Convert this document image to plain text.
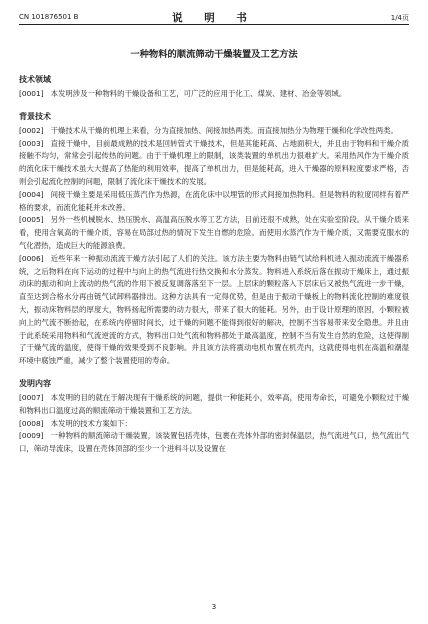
CN 101876501 B	说 明 书	1/4页
一种物料的顺流筛动干燥装置及工艺方法
技术领域

[0001] 本发明涉及一种物料的干燥设备和工艺，可广泛的应用于化工、煤炭、建材、冶金等领域。

背景技术

[0002] 干燥技术从干燥的机理上来看，分为直接加热、间接加热两类。而直接加热分为物理干燥和化学改性两类。

[0003] 直接干燥中，目前最成熟的技术是回转管式干燥技术，但是其能耗高、占地面积大，并且由于物料和干燥介质接触不均匀，常常会引起传热的问题。由于干燥机理上的限制，该类装置的单机出力很难扩大。采用热风作为干燥介质的流化床干燥技术虽大大提高了热能的利用效率，提高了单机出力，但是能耗高，进入干燥器的原料粒度要求严格，否则会引起流化控制的问题，限制了流化床干燥技术的发展。

[0004] 间接干燥主要是采用低压蒸汽作为热源，在流化床中以埋管的形式间接加热物料。但是物料的粒度同样有着严格的要求，而流化能耗并未改善。

[0005] 另外一些机械脱水、热压脱水、高温高压脱水等工艺方法，目前还很不成熟，处在实验室阶段。从干燥介质来看，使用含氧高的干燥介质，容易在局部过热的情况下发生自燃的危险。而使用水蒸汽作为干燥介质，又需要克服水的气化潜热，造成巨大的能源浪费。

[0006] 近些年来一种振动流流干燥方法引起了人们的关注。该方法主要为物料由链气试给料机进入振动流流干燥器系统，之后物料在向下运动的过程中与向上的热气流进行热交换和水分蒸发。物料进入系统后落在振动干燥床上，通过振动床的振动和向上流动的热气流的作用下被反复调落落至下一层。上层床的颗粒落入下层床后又被热气流进一步干燥，直至达到合格水分再由链气试卸料器排出。这种方法具有一定得优势，但是由于振动干燥板上的物料流化控制的难度很大，振动床物料层的厚度大，物料扬起所需要的动力很大，带来了很大的能耗。另外，由于设计原理的原因，小颗粒被向上的气流不断抬起，在系统内停留时间长，过干燥的问题不能得到很好的解决，控制不当容易带来安全隐患。并且由于此系统采用物料和气流逆流的方式，物料出口处气流和物料都处于最高温度，控制不当有发生自然的危险，这使得制了干燥气流的温度，使得干燥的效果受到不良影响。并且该方法将震动电机布置在机壳内，这就使得电机在高温和潮湿环境中腐蚀严重，减少了整个装置使用的寿命。

发明内容

[0007] 本发明的目的就在于解决现有干燥系统的问题，提供一种能耗小，效率高，使用寿命长，可避免小颗粒过干燥和物料出口温度过高的顺流筛动干燥装置和工艺方法。

[0008] 本发明的技术方案如下：

[0009] 一种物料的顺流筛动干燥装置，该装置包括壳体，包裹在壳体外部的密封保温层，热气流进气口，热气流出气口，筛动导流床，设置在壳体顶部的至少一个进料斗以及设置在

3
